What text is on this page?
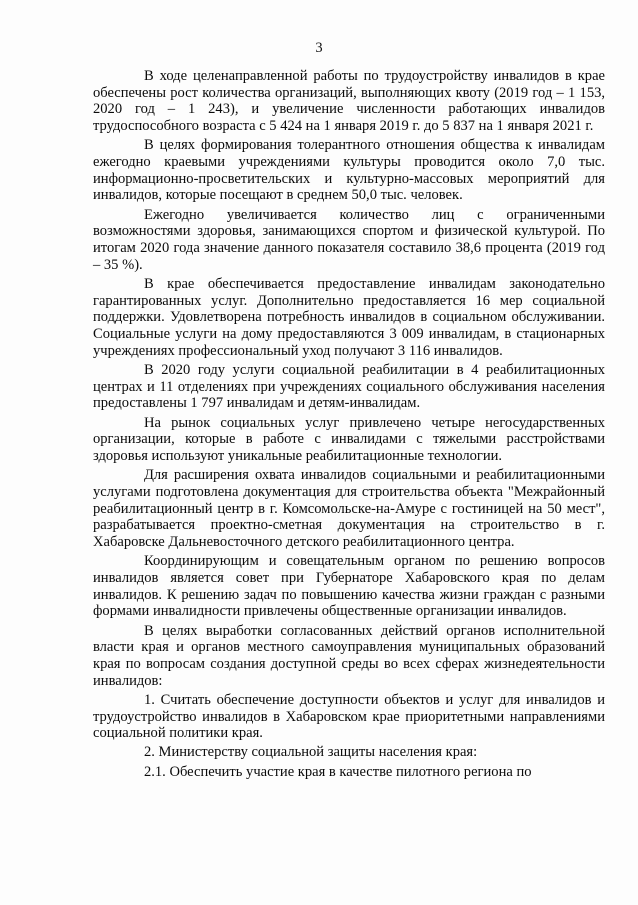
3

В ходе целенаправленной работы по трудоустройству инвалидов в крае обеспечены рост количества организаций, выполняющих квоту (2019 год – 1 153, 2020 год – 1 243), и увеличение численности работающих инвалидов трудоспособного возраста с 5 424 на 1 января 2019 г. до 5 837 на 1 января 2021 г.

В целях формирования толерантного отношения общества к инвалидам ежегодно краевыми учреждениями культуры проводится около 7,0 тыс. информационно-просветительских и культурно-массовых мероприятий для инвалидов, которые посещают в среднем 50,0 тыс. человек.

Ежегодно увеличивается количество лиц с ограниченными возможностями здоровья, занимающихся спортом и физической культурой. По итогам 2020 года значение данного показателя составило 38,6 процента (2019 год – 35 %).

В крае обеспечивается предоставление инвалидам законодательно гарантированных услуг. Дополнительно предоставляется 16 мер социальной поддержки. Удовлетворена потребность инвалидов в социальном обслуживании. Социальные услуги на дому предоставляются 3 009 инвалидам, в стационарных учреждениях профессиональный уход получают 3 116 инвалидов.

В 2020 году услуги социальной реабилитации в 4 реабилитационных центрах и 11 отделениях при учреждениях социального обслуживания населения предоставлены 1 797 инвалидам и детям-инвалидам.

На рынок социальных услуг привлечено четыре негосударственных организации, которые в работе с инвалидами с тяжелыми расстройствами здоровья используют уникальные реабилитационные технологии.

Для расширения охвата инвалидов социальными и реабилитационными услугами подготовлена документация для строительства объекта "Межрайонный реабилитационный центр в г. Комсомольске-на-Амуре с гостиницей на 50 мест", разрабатывается проектно-сметная документация на строительство в г. Хабаровске Дальневосточного детского реабилитационного центра.

Координирующим и совещательным органом по решению вопросов инвалидов является совет при Губернаторе Хабаровского края по делам инвалидов. К решению задач по повышению качества жизни граждан с разными формами инвалидности привлечены общественные организации инвалидов.

В целях выработки согласованных действий органов исполнительной власти края и органов местного самоуправления муниципальных образований края по вопросам создания доступной среды во всех сферах жизнедеятельности инвалидов:

1. Считать обеспечение доступности объектов и услуг для инвалидов и трудоустройство инвалидов в Хабаровском крае приоритетными направлениями социальной политики края.

2. Министерству социальной защиты населения края:

2.1. Обеспечить участие края в качестве пилотного региона по
